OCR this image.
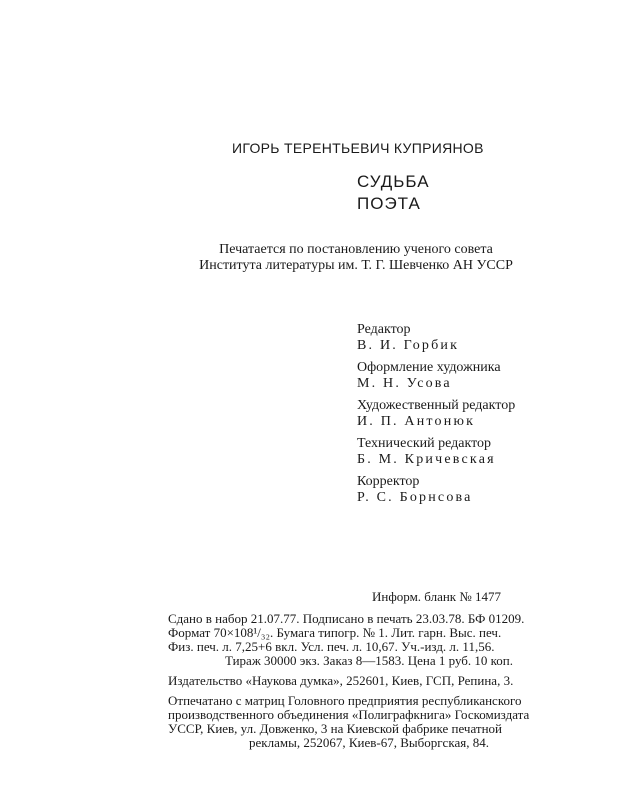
ИГОРЬ ТЕРЕНТЬЕВИЧ КУПРИЯНОВ
СУДЬБА
ПОЭТА
Печатается по постановлению ученого совета
Института литературы им. Т. Г. Шевченко АН УССР
Редактор
В. И. Горбик
Оформление художника
М. Н. Усова
Художественный редактор
И. П. Антонюк
Технический редактор
Б. М. Кричевская
Корректор
Р. С. Борнсова
Информ. бланк № 1477

Сдано в набор 21.07.77. Подписано в печать 23.03.78. БФ 01209.

Формат 70×108¹/₃₂. Бумага типогр. № 1. Лит. гарн. Выс. печ.

Физ. печ. л. 7,25+6 вкл. Усл. печ. л. 10,67. Уч.-изд. л. 11,56.

Тираж 30000 экз. Заказ 8—1583. Цена 1 руб. 10 коп.

Издательство «Наукова думка», 252601, Киев, ГСП, Репина, 3.

Отпечатано с матриц Головного предприятия республиканского

производственного объединения «Полиграфкнига» Госкомиздата

УССР, Киев, ул. Довженко, 3 на Киевской фабрике печатной

рекламы, 252067, Киев-67, Выборгская, 84.
